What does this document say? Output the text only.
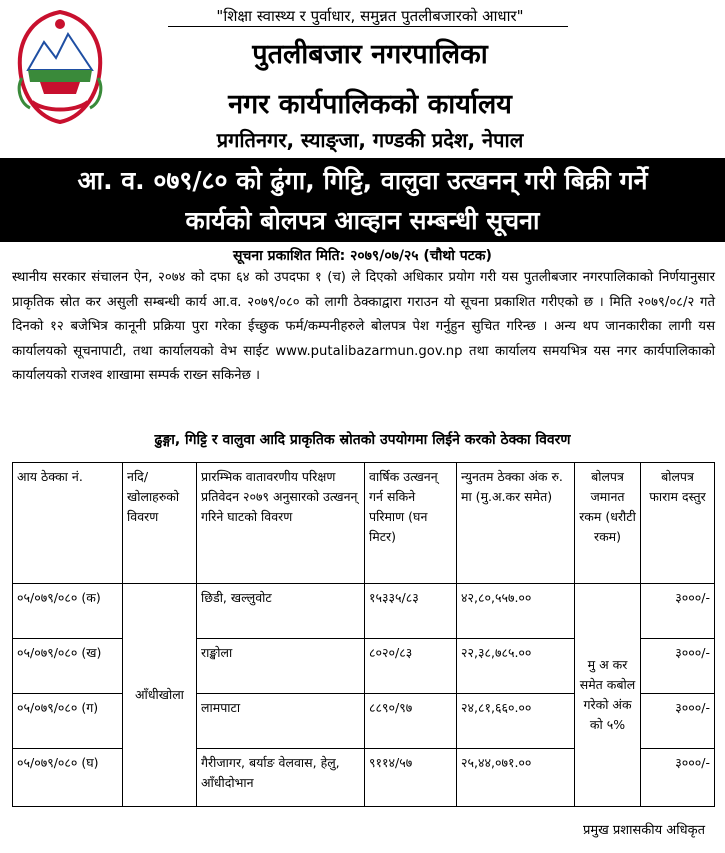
"शिक्षा स्वास्थ्य र पुर्वाधार, समुन्नत पुतलीबजारको आधार"
पुतलीबजार नगरपालिका
नगर कार्यपालिकको कार्यालय
प्रगतिनगर, स्याङ्जा, गण्डकी प्रदेश, नेपाल
आ. व. ०७९/८० को ढुंगा, गिट्टि, वालुवा उत्खनन् गरी बिक्री गर्ने
कार्यको बोलपत्र आव्हान सम्बन्धी सूचना
सूचना प्रकाशित मिति: २०७९/०७/२५ (चौथो पटक)
स्थानीय सरकार संचालन ऐन, २०७४ को दफा ६४ को उपदफा १ (च) ले दिएको अधिकार प्रयोग गरी यस पुतलीबजार नगरपालिकाको निर्णयानुसार प्राकृतिक स्रोत कर असुली सम्बन्धी कार्य आ.व. २०७९/०८० को लागी ठेक्काद्वारा गराउन यो सूचना प्रकाशित गरीएको छ । मिति २०७९/०८/२ गते दिनको १२ बजेभित्र कानूनी प्रक्रिया पुरा गरेका ईच्छुक फर्म/कम्पनीहरुले बोलपत्र पेश गर्नुहुन सुचित गरिन्छ । अन्य थप जानकारीका लागी यस कार्यालयको सूचनापाटी, तथा कार्यालयको वेभ साईट www.putalibazarmun.gov.np तथा कार्यालय समयभित्र यस नगर कार्यपालिकाको कार्यालयको राजश्व शाखामा सम्पर्क राख्न सकिनेछ ।
ढुङ्गा, गिट्टि र वालुवा आदि प्राकृतिक स्रोतको उपयोगमा लिईने करको ठेक्का विवरण
आय ठेक्का नं.	नदि/ खोलाहरुको विवरण	प्रारम्भिक वातावरणीय परिक्षण प्रतिवेदन २०७९ अनुसारको उत्खनन् गरिने घाटको विवरण	वार्षिक उत्खनन् गर्न सकिने परिमाण (घन मिटर)	न्युनतम ठेक्का अंक रु. मा (मु.अ.कर समेत)	बोलपत्र जमानत रकम (धरौटी रकम)	बोलपत्र फाराम दस्तुर
०५/०७९/०८० (क)	आँधीखोला	छिडी, खल्लुवोट	१५३३५/८३	४२,८०,५५७.००	मु अ कर समेत कबोल गरेको अंक को ५%	३०००/-
०५/०७९/०८० (ख)		राङ्खोला	८०२०/८३	२२,३८,७८५.००		३०००/-
०५/०७९/०८० (ग)		लामपाटा	८८९०/९७	२४,८१,६६०.००		३०००/-
०५/०७९/०८० (घ)		गैरीजागर, बर्याङ वेलवास, हेलु, आँधीदोभान	९११४/५७	२५,४४,०७१.००		३०००/-
प्रमुख प्रशासकीय अधिकृत
